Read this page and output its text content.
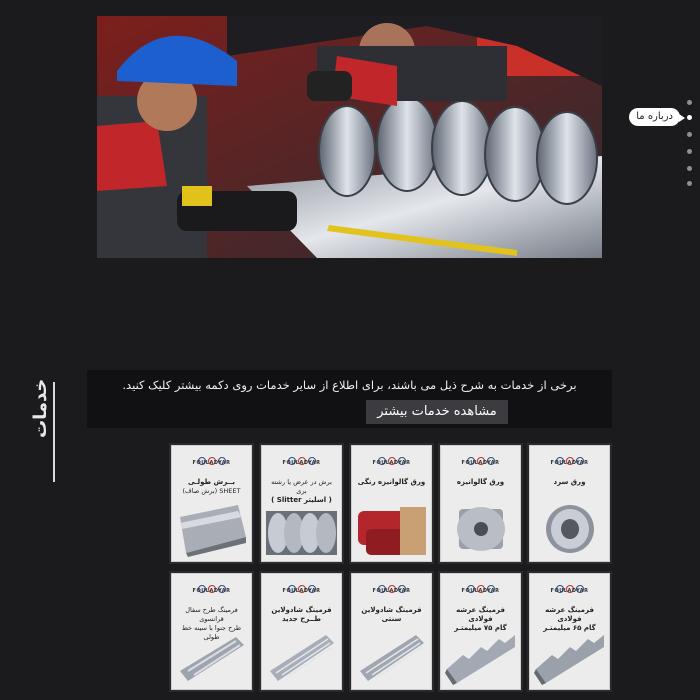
درباره ما
خدمات	برخی از خدمات به شرح ذیل می باشند، برای اطلاع از سایر خدمات روی دکمه بیشتر کلیک کنید.
مشاهده خدمات بیشتر
FOULADYAR
ورق سرد
FOULADYAR
ورق گالوانیزه
FOULADYAR
ورق گالوانیزه رنگی
FOULADYAR
برش در عرض یا رشته بری
( اسلیتر Slitter )
FOULADYAR
بــرش طولـی
SHEET (برش صاف)
FOULADYAR
فرمینگ عرشه فولادی
گام ۶۵ میلیمتـر
FOULADYAR
فرمینگ عرشه فولادی
گام ۷۵ میلیمتـر
FOULADYAR
فرمینگ شادولاین
سنتی
FOULADYAR
فرمینگ شادولاین
طــرح جدید
FOULADYAR
فرمینگ طرح سفال قرانسوی
طرح جنوا با سینه خط طولی
